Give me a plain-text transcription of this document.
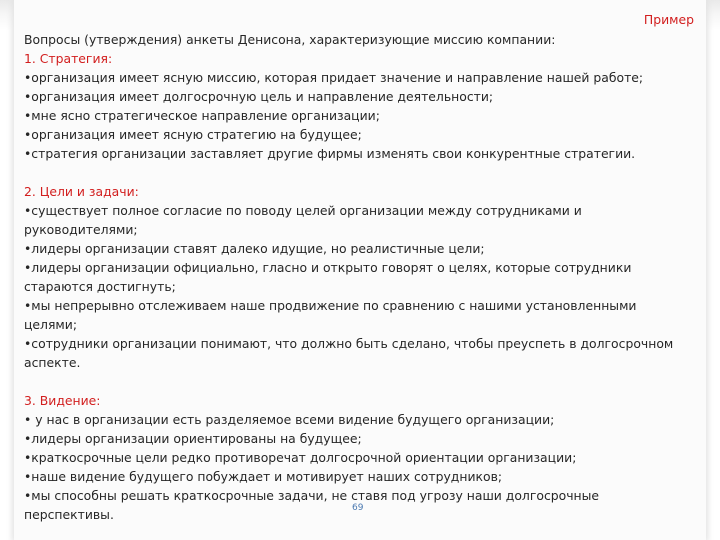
Пример
Вопросы (утверждения) анкеты Денисона, характеризующие миссию компании:
1. Стратегия:
•организация имеет ясную миссию, которая придает значение и направление нашей работе;
•организация имеет долгосрочную цель и направление деятельности;
•мне ясно стратегическое направление организации;
•организация имеет ясную стратегию на будущее;
•стратегия организации заставляет другие фирмы изменять свои конкурентные стратегии.
2. Цели и задачи:
•существует полное согласие по поводу целей организации между сотрудниками и
руководителями;
•лидеры организации ставят далеко идущие, но реалистичные цели;
•лидеры организации официально, гласно и открыто говорят о целях, которые сотрудники
стараются достигнуть;
•мы непрерывно отслеживаем наше продвижение по сравнению с нашими установленными
целями;
•сотрудники организации понимают, что должно быть сделано, чтобы преуспеть в долгосрочном
аспекте.
3. Видение:
• у нас в организации есть разделяемое всеми видение будущего организации;
•лидеры организации ориентированы на будущее;
•краткосрочные цели редко противоречат долгосрочной ориентации организации;
•наше видение будущего побуждает и мотивирует наших сотрудников;
•мы способны решать краткосрочные задачи, не ставя под угрозу наши долгосрочные
перспективы.	69
